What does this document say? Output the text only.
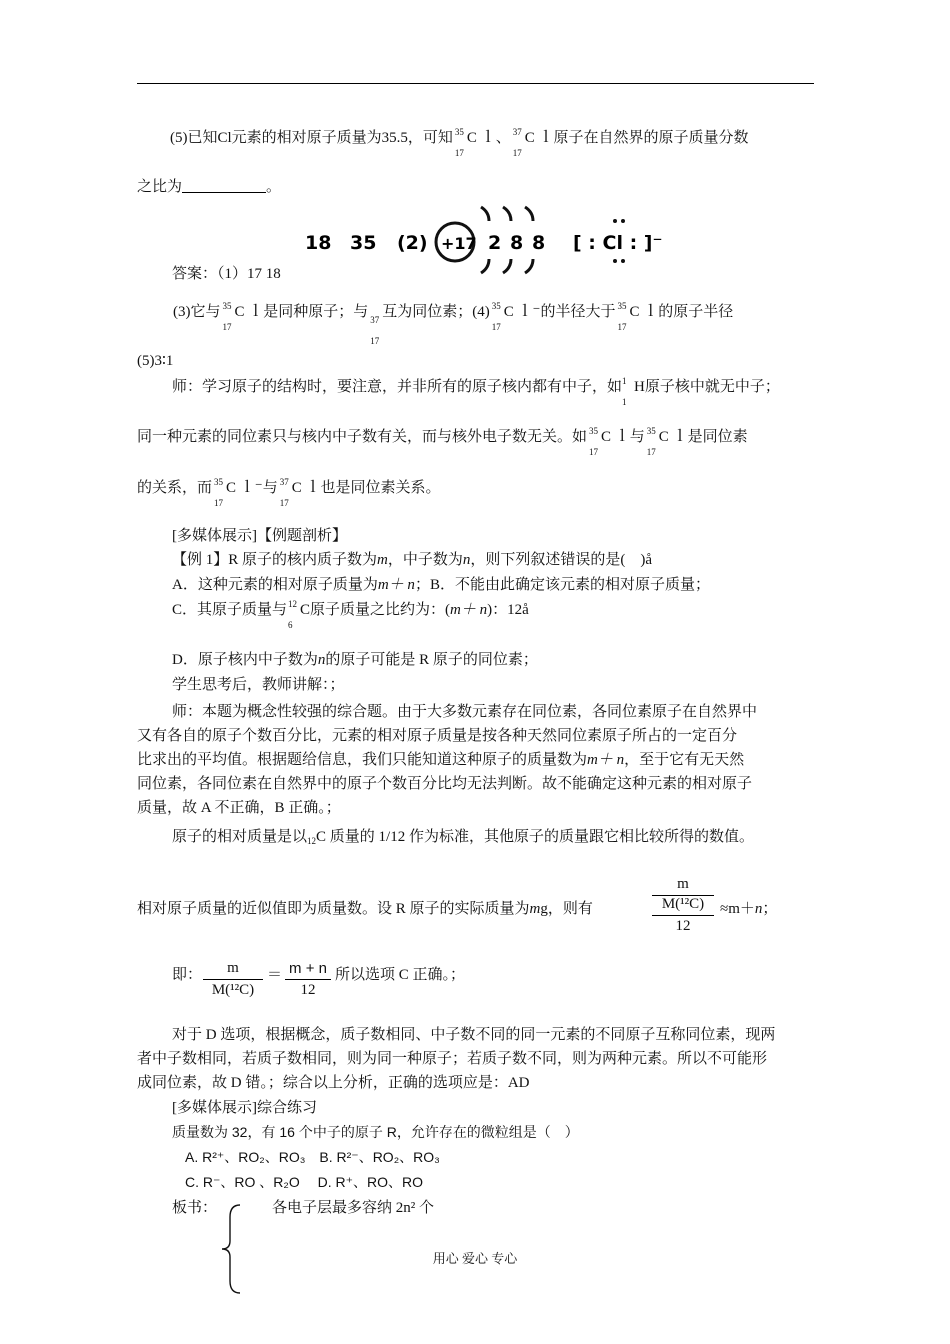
(5)已知Cl元素的相对原子质量为35.5，可知 35
17
C ｌ、 37
17
C ｌ原子在自然界的原子质量分数
之比为	。
18 35 (2) +17 2 8 8 [ : Cl : ]⁻
答案：（1）17 18
(3)它与 35
17
C ｌ是同种原子；与 37
17
互为同位素；(4) 35
17
C ｌ⁻的半径大于 35
17
C ｌ的原子半径
(5)3∶1
师：学习原子的结构时，要注意，并非所有的原子核内都有中子，如 1
1
H原子核中就无中子；
同一种元素的同位素只与核内中子数有关，而与核外电子数无关。如 35
17
C ｌ与 35
17
C ｌ是同位素
的关系，而 35
17
C ｌ⁻与 37
17
C ｌ也是同位素关系。
[多媒体展示]【例题剖析】
【例 1】R 原子的核内质子数为m，中子数为n，则下列叙述错误的是(　)å
A．这种元素的相对原子质量为m＋ n；B．不能由此确定该元素的相对原子质量；
C．其原子质量与 12
6
C原子质量之比约为：(m＋ n)：12å
D．原子核内中子数为n的原子可能是 R 原子的同位素；
学生思考后，教师讲解：；
师：本题为概念性较强的综合题。由于大多数元素存在同位素，各同位素原子在自然界中
又有各自的原子个数百分比，元素的相对原子质量是按各种天然同位素原子所占的一定百分
比求出的平均值。根据题给信息，我们只能知道这种原子的质量数为m＋ n，至于它有无天然
同位素，各同位素在自然界中的原子个数百分比均无法判断。故不能确定这种元素的相对原子
质量，故 A 不正确，B 正确。；
原子的相对质量是以$_{12}$C 质量的 1/12 作为标准，其他原子的质量跟它相比较所得的数值。
相对原子质量的近似值即为质量数。设 R 原子的实际质量为mg，则有
m
M(¹²C)
12
≈m＋n；
即： $\frac{m}{\text{M(¹²C)}} = \frac{m + n}{12}$ 所以选项 C 正确。；
对于 D 选项，根据概念，质子数相同、中子数不同的同一元素的不同原子互称同位素，现两
者中子数相同，若质子数相同，则为同一种原子；若质子数不同，则为两种元素。所以不可能形
成同位素，故 D 错。；综合以上分析，正确的选项应是：AD
[多媒体展示]综合练习
质量数为 32，有 16 个中子的原子 R，允许存在的微粒组是（　）
A. R²⁺、RO₂、RO₃　B. R²⁻、RO₂、RO₃
C. R⁻、RO 、R₂O　 D. R⁺、RO、RO
板书：	各电子层最多容纳 2n² 个
用心 爱心 专心
